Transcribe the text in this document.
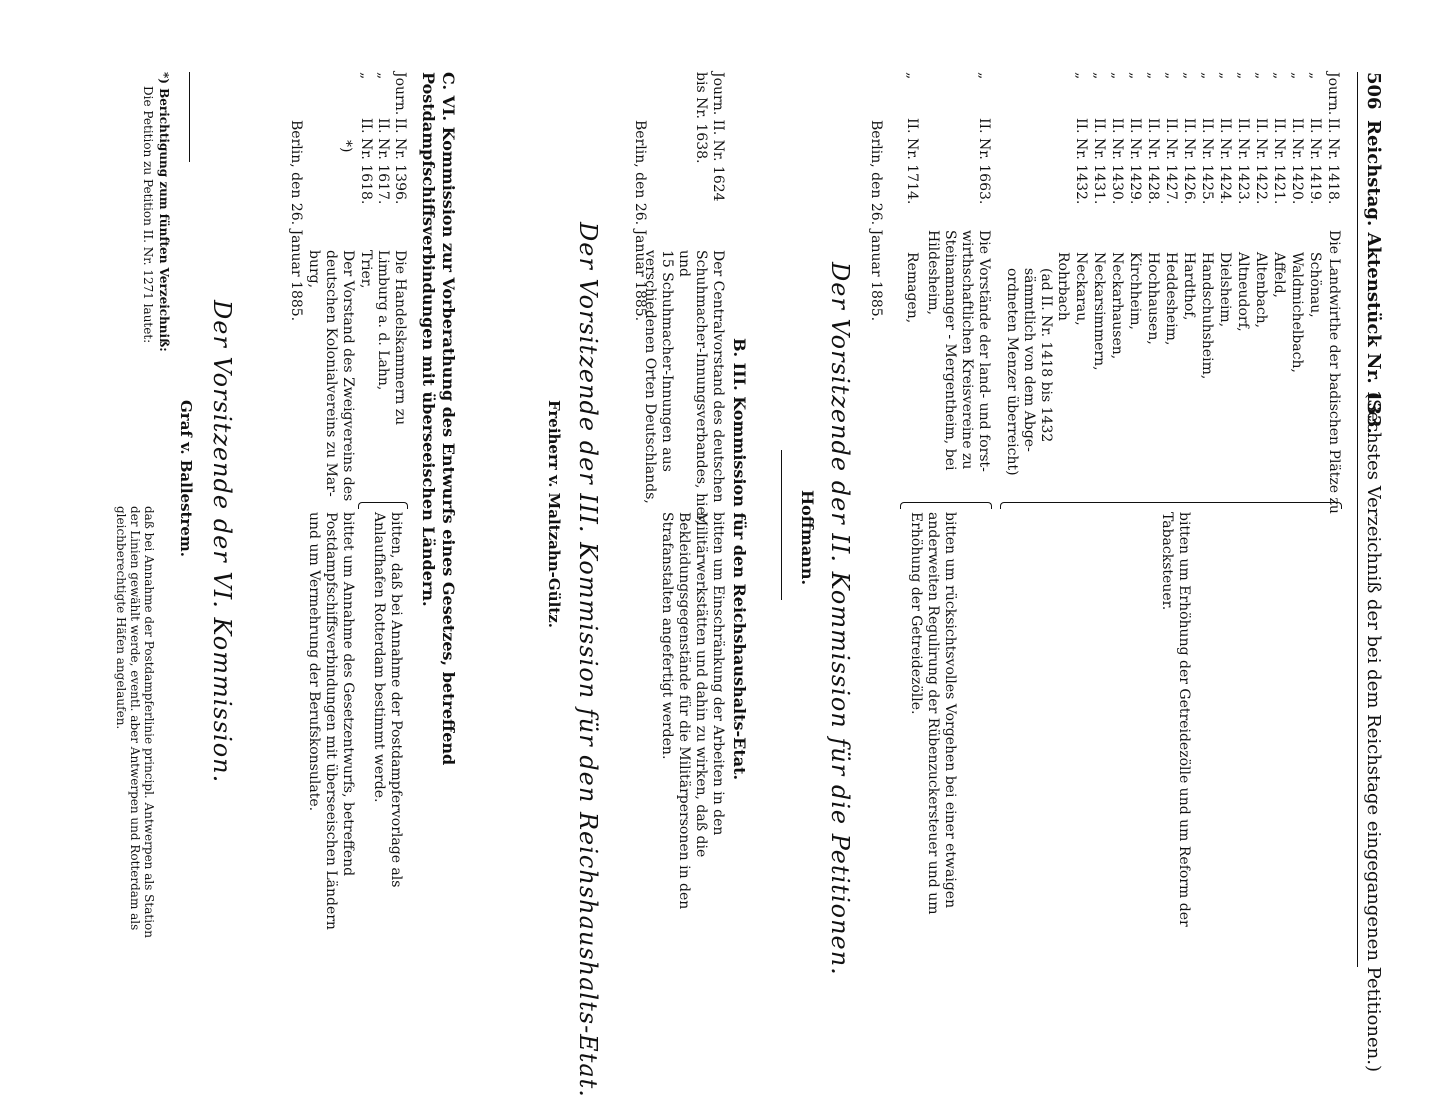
506
Reichstag. Aktenstück Nr. 133.
(Sechstes Verzeichniß der bei dem Reichstage eingegangenen Petitionen.)
Journ.
„
„
„
„
„
„
„
„
„
„
„
„
„
„
II. Nr. 1418.
II. Nr. 1419.
II. Nr. 1420.
II. Nr. 1421.
II. Nr. 1422.
II. Nr. 1423.
II. Nr. 1424.
II. Nr. 1425.
II. Nr. 1426.
II. Nr. 1427.
II. Nr. 1428.
II. Nr. 1429.
II. Nr. 1430.
II. Nr. 1431.
II. Nr. 1432.
Die Landwirthe der badischen Plätze zu
Schönau,
Waldmichelbach,
Affeld,
Altenbach,
Altneudorf,
Dielsheim,
Handschuhsheim,
Hardthof,
Heddesheim,
Hochhausen,
Kirchheim,
Neckarhausen,
Neckarsimmern,
Neckarau,
Rohrbach
(ad II. Nr. 1418 bis 1432
sämmtlich von dem Abge-
ordneten Menzer überreicht)
bitten um Erhöhung der Getreidezölle und um Reform der Tabacksteuer.
„
II. Nr. 1663.
Die Vorstände der land- und forst-
wirthschaftlichen Kreisvereine zu
Steinamanger - Mergentheim, bei
Hildesheim,
„
II. Nr. 1714.
Remagen,
bitten um rücksichtsvolles Vorgehen bei einer etwaigen anderweiten Regulirung der Rübenzuckersteuer und um Erhöhung der Getreidezölle.
Berlin, den 26. Januar 1885.
Der Vorsitzende der II. Kommission für die Petitionen.
Hoffmann.
B. III. Kommission für den Reichshaushalts-Etat.
Journ. II. Nr. 1624
bis Nr. 1638.
Der Centralvorstand des deutschen
Schuhmacher-Innungsverbandes, hier,
und
15 Schuhmacher-Innungen aus
verschiedenen Orten Deutschlands,
bitten um Einschränkung der Arbeiten in den Militärwerkstätten und dahin zu wirken, daß die Bekleidungsgegenstände für die Militärpersonen in den Strafanstalten angefertigt werden.
Berlin, den 26. Januar 1885.
Der Vorsitzende der III. Kommission für den Reichshaushalts-Etat.
Freiherr v. Maltzahn-Gültz.
C. VI. Kommission zur Vorberathung des Entwurfs eines Gesetzes, betreffend Postdampfschiffsverbindungen mit überseeischen Ländern.
Journ.
„
„
II. Nr. 1396.
II. Nr. 1617.
II. Nr. 1618.
Die Handelskammern zu
Limburg a. d. Lahn,
Trier,
Der Vorstand des Zweigvereins des
deutschen Kolonialvereins zu Mar-
burg,
*)
bitten, daß bei Annahme der Postdampfervorlage als Anlaufhafen Rotterdam bestimmt werde.
bittet um Annahme des Gesetzentwurfs, betreffend Postdampfschiffsverbindungen mit überseeischen Ländern und um Vermehrung der Berufskonsulate.
Berlin, den 26. Januar 1885.
Der Vorsitzende der VI. Kommission.
Graf v. Ballestrem.
*) Berichtigung zum fünften Verzeichniß:
Die Petition zu Petition II. Nr. 1271 lautet:
daß bei Annahme der Postdampferlinie principl. Antwerpen als Station der Linien gewählt werde, eventl. aber Antwerpen und Rotterdam als gleichberechtigte Häfen angelaufen.
